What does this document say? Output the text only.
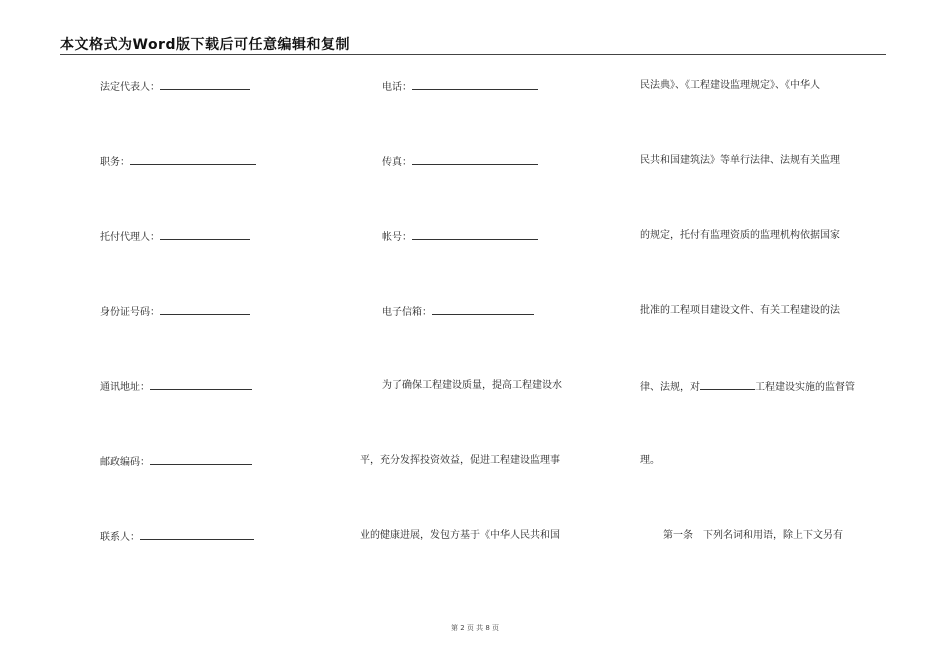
本文格式为Word版下载后可任意编辑和复制
法定代表人：
职务：
托付代理人：
身份证号码：
通讯地址：
邮政编码：
联系人：
电话：
传真：
帐号：
电子信箱：
为了确保工程建设质量，提高工程建设水
平，充分发挥投资效益，促进工程建设监理事
业的健康进展，发包方基于《中华人民共和国
民法典》、《工程建设监理规定》、《中华人
民共和国建筑法》等单行法律、法规有关监理
的规定，托付有监理资质的监理机构依据国家
批准的工程项目建设文件、有关工程建设的法
律、法规，对	工程建设实施的监督管
理。
第一条　下列名词和用语，除上下文另有
第 2 页 共 8 页
